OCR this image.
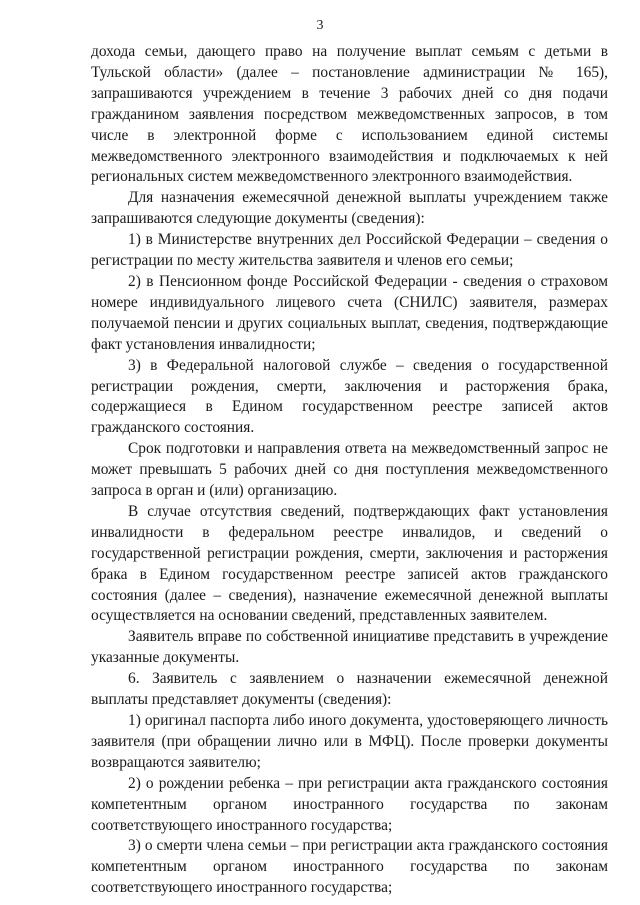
3

дохода семьи, дающего право на получение выплат семьям с детьми в Тульской области» (далее – постановление администрации № 165), запрашиваются учреждением в течение 3 рабочих дней со дня подачи гражданином заявления посредством межведомственных запросов, в том числе в электронной форме с использованием единой системы межведомственного электронного взаимодействия и подключаемых к ней региональных систем межведомственного электронного взаимодействия.

Для назначения ежемесячной денежной выплаты учреждением также запрашиваются следующие документы (сведения):

1) в Министерстве внутренних дел Российской Федерации – сведения о регистрации по месту жительства заявителя и членов его семьи;

2) в Пенсионном фонде Российской Федерации - сведения о страховом номере индивидуального лицевого счета (СНИЛС) заявителя, размерах получаемой пенсии и других социальных выплат, сведения, подтверждающие факт установления инвалидности;

3) в Федеральной налоговой службе – сведения о государственной регистрации рождения, смерти, заключения и расторжения брака, содержащиеся в Едином государственном реестре записей актов гражданского состояния.

Срок подготовки и направления ответа на межведомственный запрос не может превышать 5 рабочих дней со дня поступления межведомственного запроса в орган и (или) организацию.

В случае отсутствия сведений, подтверждающих факт установления инвалидности в федеральном реестре инвалидов, и сведений о государственной регистрации рождения, смерти, заключения и расторжения брака в Едином государственном реестре записей актов гражданского состояния (далее – сведения), назначение ежемесячной денежной выплаты осуществляется на основании сведений, представленных заявителем.

Заявитель вправе по собственной инициативе представить в учреждение указанные документы.

6. Заявитель с заявлением о назначении ежемесячной денежной выплаты представляет документы (сведения):

1) оригинал паспорта либо иного документа, удостоверяющего личность заявителя (при обращении лично или в МФЦ). После проверки документы возвращаются заявителю;

2) о рождении ребенка – при регистрации акта гражданского состояния компетентным органом иностранного государства по законам соответствующего иностранного государства;

3) о смерти члена семьи – при регистрации акта гражданского состояния компетентным органом иностранного государства по законам соответствующего иностранного государства;
